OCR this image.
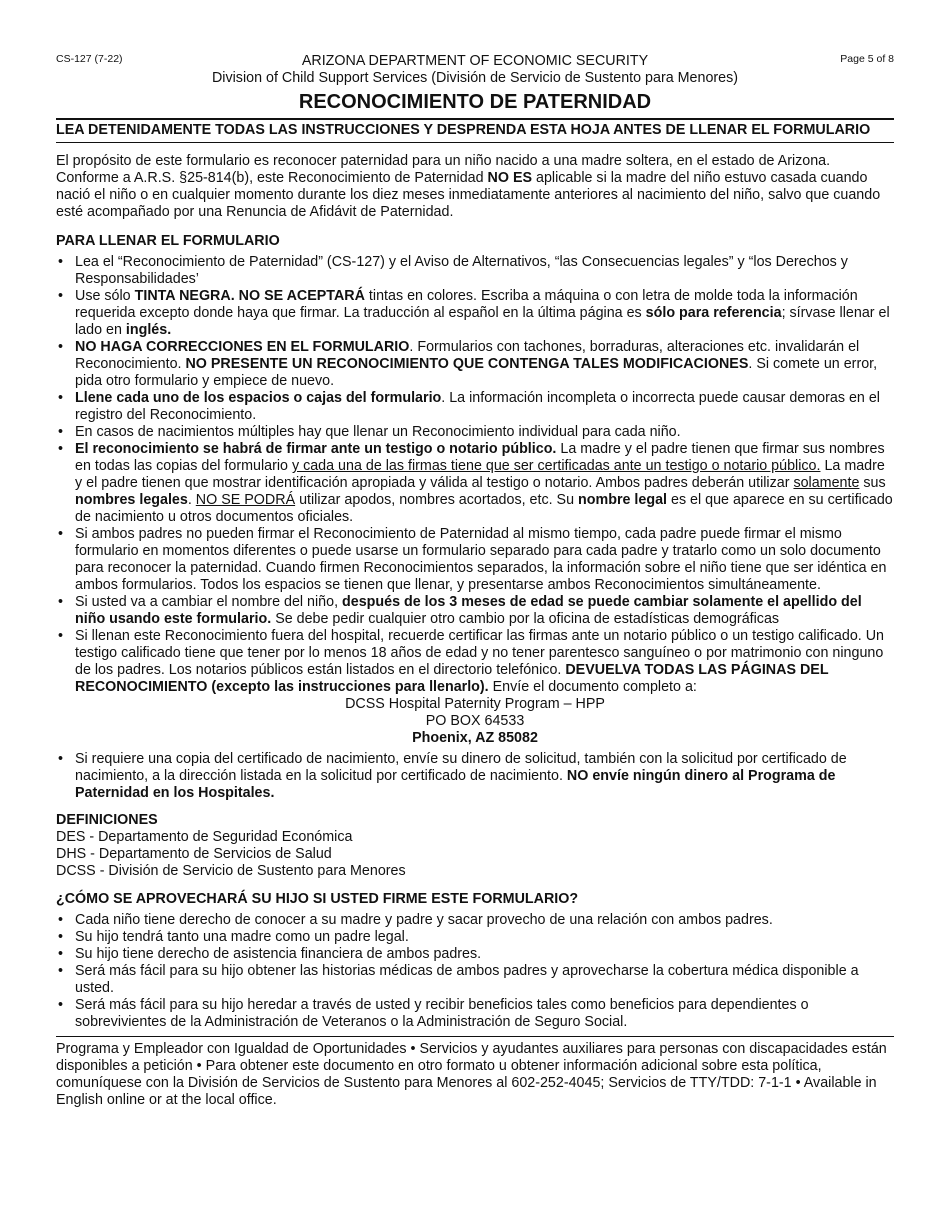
CS-127 (7-22)	Page 5 of 8
ARIZONA DEPARTMENT OF ECONOMIC SECURITY
Division of Child Support Services (División de Servicio de Sustento para Menores)
RECONOCIMIENTO DE PATERNIDAD
LEA DETENIDAMENTE TODAS LAS INSTRUCCIONES Y DESPRENDA ESTA HOJA ANTES DE LLENAR EL FORMULARIO

El propósito de este formulario es reconocer paternidad para un niño nacido a una madre soltera, en el estado de Arizona.

Conforme a A.R.S. §25-814(b), este Reconocimiento de Paternidad NO ES aplicable si la madre del niño estuvo casada cuando nació el niño o en cualquier momento durante los diez meses inmediatamente anteriores al nacimiento del niño, salvo que cuando esté acompañado por una Renuncia de Afidávit de Paternidad.

PARA LLENAR EL FORMULARIO
• Lea el “Reconocimiento de Paternidad” (CS-127) y el Aviso de Alternativos, “las Consecuencias legales” y “los Derechos y Responsabilidades’
• Use sólo TINTA NEGRA. NO SE ACEPTARÁ tintas en colores. Escriba a máquina o con letra de molde toda la información requerida excepto donde haya que firmar. La traducción al español en la última página es sólo para referencia; sírvase llenar el lado en inglés.
• NO HAGA CORRECCIONES EN EL FORMULARIO. Formularios con tachones, borraduras, alteraciones etc. invalidarán el Reconocimiento. NO PRESENTE UN RECONOCIMIENTO QUE CONTENGA TALES MODIFICACIONES. Si comete un error, pida otro formulario y empiece de nuevo.
• Llene cada uno de los espacios o cajas del formulario. La información incompleta o incorrecta puede causar demoras en el registro del Reconocimiento.
• En casos de nacimientos múltiples hay que llenar un Reconocimiento individual para cada niño.
• El reconocimiento se habrá de firmar ante un testigo o notario público. La madre y el padre tienen que firmar sus nombres en todas las copias del formulario y cada una de las firmas tiene que ser certificadas ante un testigo o notario público. La madre y el padre tienen que mostrar identificación apropiada y válida al testigo o notario. Ambos padres deberán utilizar solamente sus nombres legales. NO SE PODRÁ utilizar apodos, nombres acortados, etc. Su nombre legal es el que aparece en su certificado de nacimiento u otros documentos oficiales.
• Si ambos padres no pueden firmar el Reconocimiento de Paternidad al mismo tiempo, cada padre puede firmar el mismo formulario en momentos diferentes o puede usarse un formulario separado para cada padre y tratarlo como un solo documento para reconocer la paternidad. Cuando firmen Reconocimientos separados, la información sobre el niño tiene que ser idéntica en ambos formularios. Todos los espacios se tienen que llenar, y presentarse ambos Reconocimientos simultáneamente.
• Si usted va a cambiar el nombre del niño, después de los 3 meses de edad se puede cambiar solamente el apellido del niño usando este formulario. Se debe pedir cualquier otro cambio por la oficina de estadísticas demográficas
• Si llenan este Reconocimiento fuera del hospital, recuerde certificar las firmas ante un notario público o un testigo calificado. Un testigo calificado tiene que tener por lo menos 18 años de edad y no tener parentesco sanguíneo o por matrimonio con ninguno de los padres. Los notarios públicos están listados en el directorio telefónico. DEVUELVA TODAS LAS PÁGINAS DEL RECONOCIMIENTO (excepto las instrucciones para llenarlo). Envíe el documento completo a:

DCSS Hospital Paternity Program – HPP

PO BOX 64533

Phoenix, AZ 85082

• Si requiere una copia del certificado de nacimiento, envíe su dinero de solicitud, también con la solicitud por certificado de nacimiento, a la dirección listada en la solicitud por certificado de nacimiento. NO envíe ningún dinero al Programa de Paternidad en los Hospitales.
DEFINICIONES

DES - Departamento de Seguridad Económica

DHS - Departamento de Servicios de Salud

DCSS - División de Servicio de Sustento para Menores

¿CÓMO SE APROVECHARÁ SU HIJO SI USTED FIRME ESTE FORMULARIO?
• Cada niño tiene derecho de conocer a su madre y padre y sacar provecho de una relación con ambos padres.
• Su hijo tendrá tanto una madre como un padre legal.
• Su hijo tiene derecho de asistencia financiera de ambos padres.
• Será más fácil para su hijo obtener las historias médicas de ambos padres y aprovecharse la cobertura médica disponible a usted.
• Será más fácil para su hijo heredar a través de usted y recibir beneficios tales como beneficios para dependientes o sobrevivientes de la Administración de Veteranos o la Administración de Seguro Social.
Programa y Empleador con Igualdad de Oportunidades • Servicios y ayudantes auxiliares para personas con discapacidades están disponibles a petición • Para obtener este documento en otro formato u obtener información adicional sobre esta política, comuníquese con la División de Servicios de Sustento para Menores al 602-252-4045; Servicios de TTY/TDD: 7-1-1 • Available in English online or at the local office.
